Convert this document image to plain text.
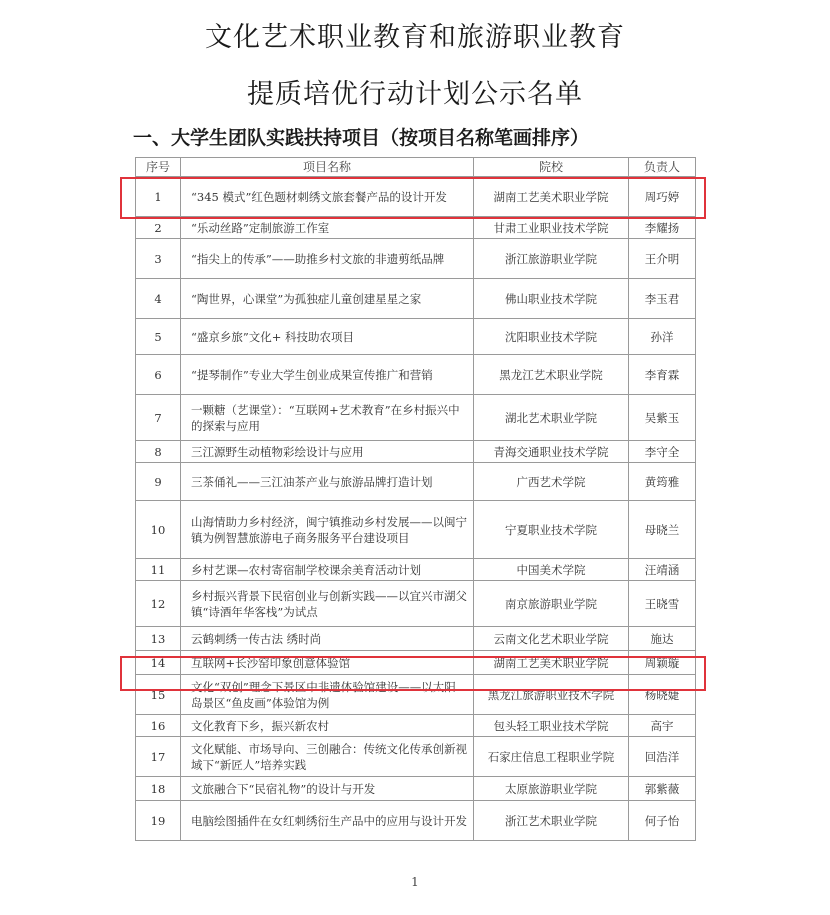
文化艺术职业教育和旅游职业教育
提质培优行动计划公示名单
一、大学生团队实践扶持项目（按项目名称笔画排序）
序号	项目名称	院校	负责人
1	“345 模式”红色题材刺绣文旅套餐产品的设计开发	湖南工艺美术职业学院	周巧婷
2	“乐动丝路”定制旅游工作室	甘肃工业职业技术学院	李耀扬
3	“指尖上的传承”——助推乡村文旅的非遗剪纸品牌	浙江旅游职业学院	王介明
4	“陶世界，心课堂”为孤独症儿童创建星星之家	佛山职业技术学院	李玉君
5	“盛京乡旅”文化+ 科技助农项目	沈阳职业技术学院	孙洋
6	“提琴制作”专业大学生创业成果宣传推广和营销	黑龙江艺术职业学院	李育霖
7	一颗糖（艺课堂）：“互联网+艺术教育”在乡村振兴中的探索与应用	湖北艺术职业学院	吴紫玉
8	三江源野生动植物彩绘设计与应用	青海交通职业技术学院	李守全
9	三茶俑礼——三江油茶产业与旅游品牌打造计划	广西艺术学院	黄筠雅
10	山海情助力乡村经济，闽宁镇推动乡村发展——以闽宁镇为例智慧旅游电子商务服务平台建设项目	宁夏职业技术学院	母晓兰
11	乡村艺课—农村寄宿制学校课余美育活动计划	中国美术学院	汪靖涵
12	乡村振兴背景下民宿创业与创新实践——以宜兴市湖父镇“诗酒年华客栈”为试点	南京旅游职业学院	王晓雪
13	云鹤刺绣一传古法 绣时尚	云南文化艺术职业学院	施达
14	互联网+长沙窑印象创意体验馆	湖南工艺美术职业学院	周颖璇
15	文化“双创”理念下景区中非遗体验馆建设——以太阳岛景区“鱼皮画”体验馆为例	黑龙江旅游职业技术学院	杨晓婕
16	文化教育下乡，振兴新农村	包头轻工职业技术学院	高宇
17	文化赋能、市场导向、三创融合：传统文化传承创新视域下“新匠人”培养实践	石家庄信息工程职业学院	回浩洋
18	文旅融合下“民宿礼物”的设计与开发	太原旅游职业学院	郭紫薇
19	电脑绘图插件在女红刺绣衍生产品中的应用与设计开发	浙江艺术职业学院	何子怡
1
